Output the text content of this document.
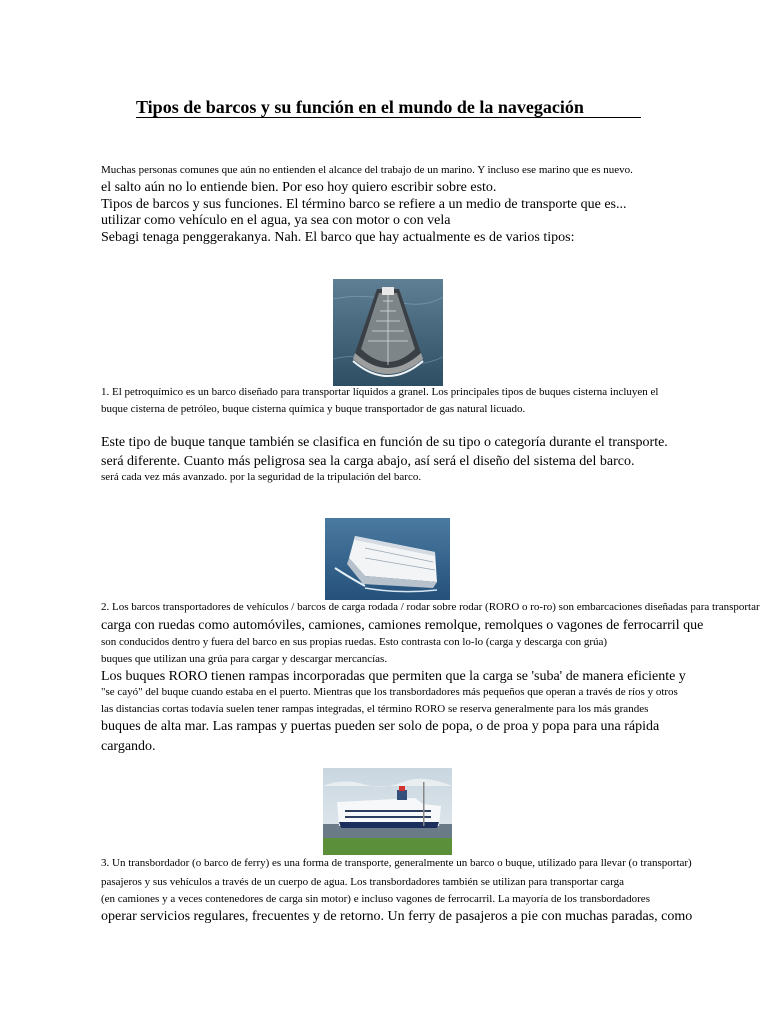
Tipos de barcos y su función en el mundo de la navegación
Muchas personas comunes que aún no entienden el alcance del trabajo de un marino. Y incluso ese marino que es nuevo.
el salto aún no lo entiende bien. Por eso hoy quiero escribir sobre esto.
Tipos de barcos y sus funciones. El término barco se refiere a un medio de transporte que es...
utilizar como vehículo en el agua, ya sea con motor o con vela
Sebagi tenaga penggerakanya. Nah. El barco que hay actualmente es de varios tipos:
1. El petroquímico es un barco diseñado para transportar líquidos a granel. Los principales tipos de buques cisterna incluyen el
buque cisterna de petróleo, buque cisterna química y buque transportador de gas natural licuado.
Este tipo de buque tanque también se clasifica en función de su tipo o categoría durante el transporte.
será diferente. Cuanto más peligrosa sea la carga abajo, así será el diseño del sistema del barco.
será cada vez más avanzado. por la seguridad de la tripulación del barco.
2. Los barcos transportadores de vehículos / barcos de carga rodada / rodar sobre rodar (RORO o ro-ro) son embarcaciones diseñadas para transportar
carga con ruedas como automóviles, camiones, camiones remolque, remolques o vagones de ferrocarril que
son conducidos dentro y fuera del barco en sus propias ruedas. Esto contrasta con lo-lo (carga y descarga con grúa)
buques que utilizan una grúa para cargar y descargar mercancías.
Los buques RORO tienen rampas incorporadas que permiten que la carga se 'suba' de manera eficiente y
"se cayó" del buque cuando estaba en el puerto. Mientras que los transbordadores más pequeños que operan a través de ríos y otros
las distancias cortas todavía suelen tener rampas integradas, el término RORO se reserva generalmente para los más grandes
buques de alta mar. Las rampas y puertas pueden ser solo de popa, o de proa y popa para una rápida
cargando.
3. Un transbordador (o barco de ferry) es una forma de transporte, generalmente un barco o buque, utilizado para llevar (o transportar)
pasajeros y sus vehículos a través de un cuerpo de agua. Los transbordadores también se utilizan para transportar carga
(en camiones y a veces contenedores de carga sin motor) e incluso vagones de ferrocarril. La mayoría de los transbordadores
operar servicios regulares, frecuentes y de retorno. Un ferry de pasajeros a pie con muchas paradas, como
